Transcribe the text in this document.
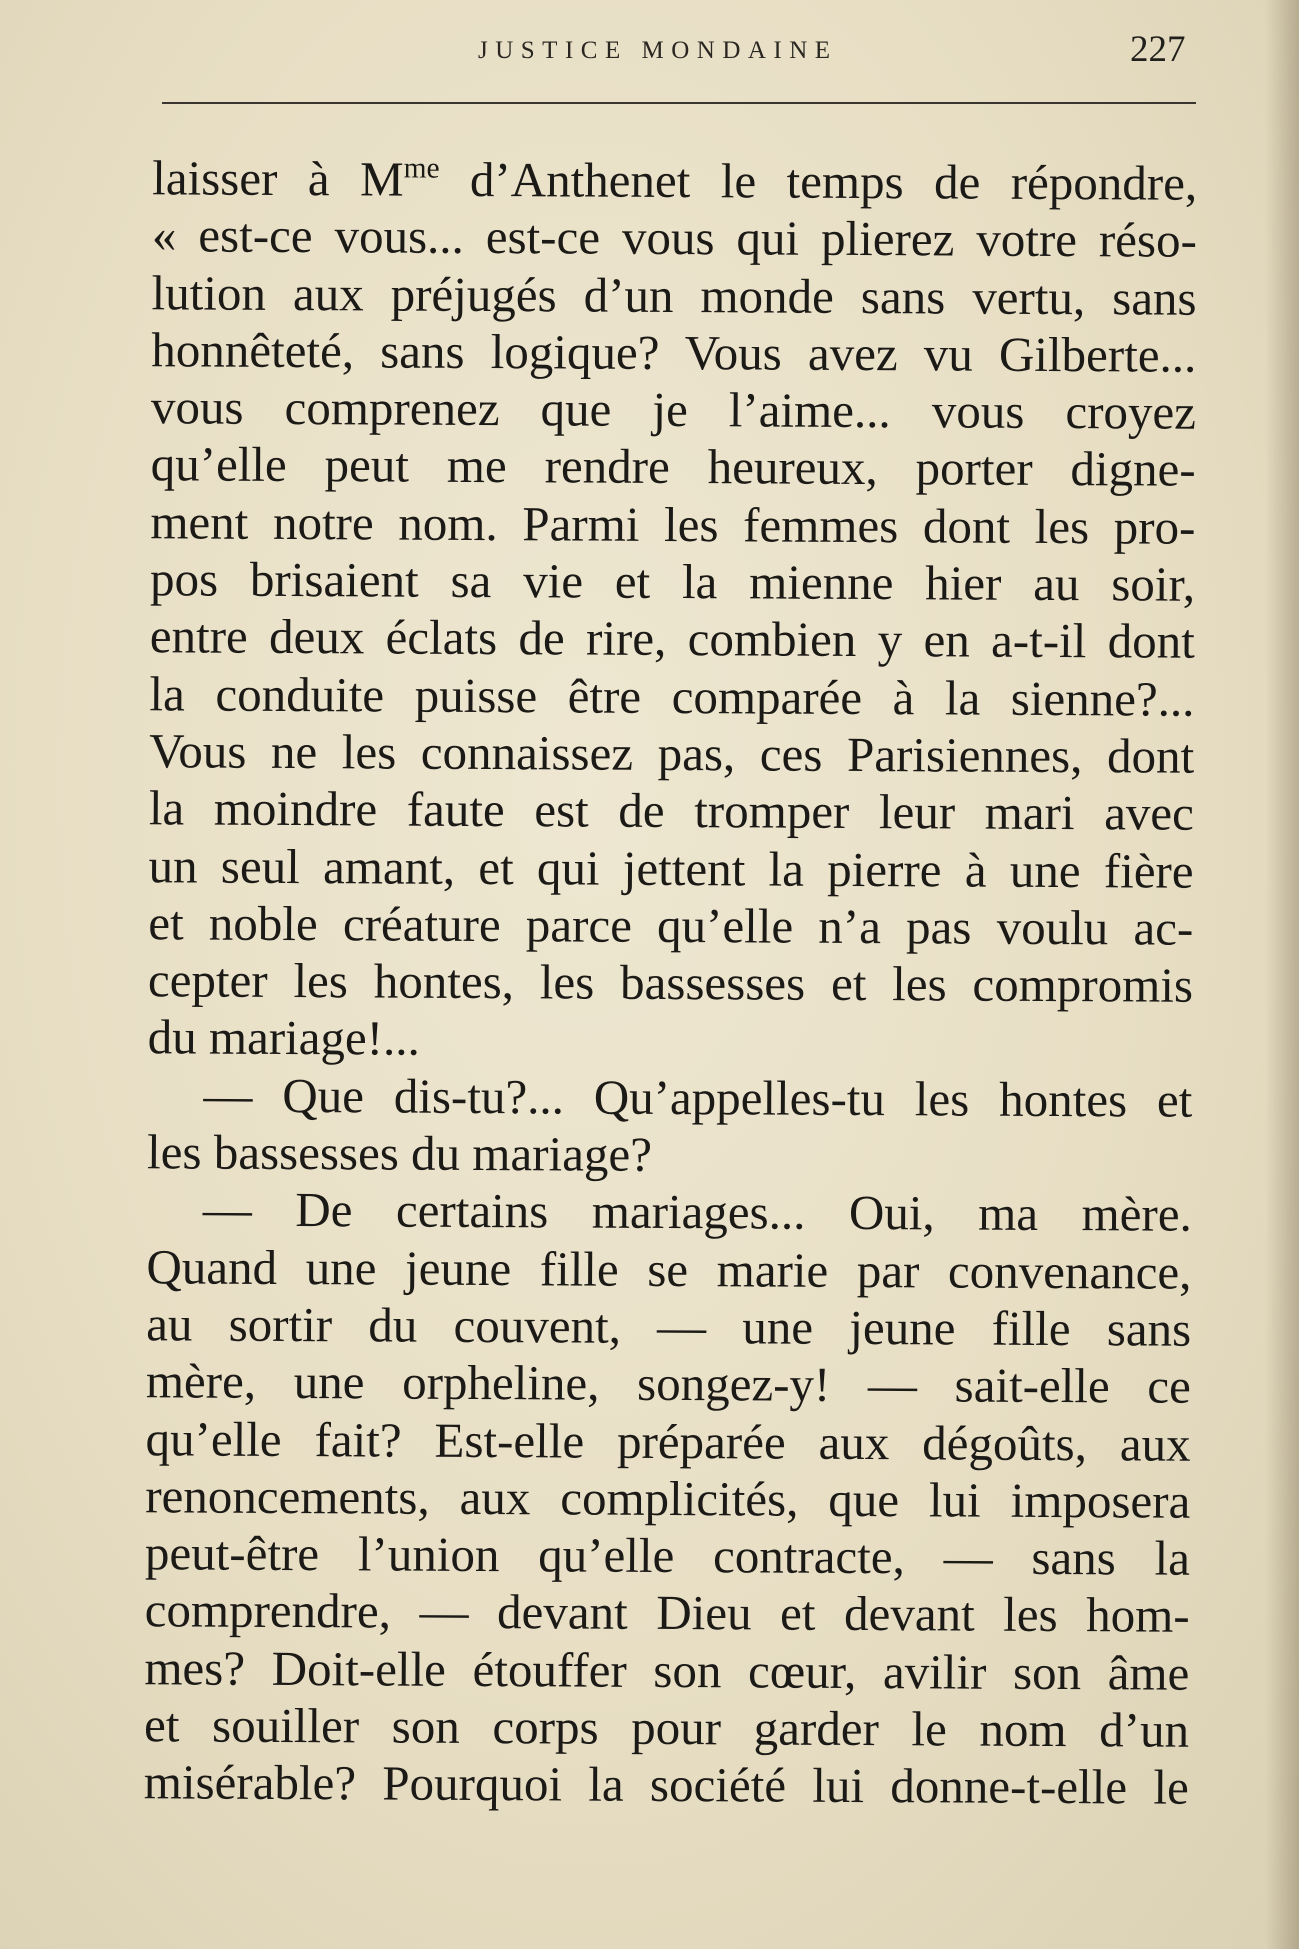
JUSTICE MONDAINE	227
laisser à $M^{me}$ d’Anthenet le temps de répondre,
« est-ce vous... est-ce vous qui plierez votre réso-
lution aux préjugés d’un monde sans vertu, sans
honnêteté, sans logique? Vous avez vu Gilberte...
vous comprenez que je l’aime... vous croyez
qu’elle peut me rendre heureux, porter digne-
ment notre nom. Parmi les femmes dont les pro-
pos brisaient sa vie et la mienne hier au soir,
entre deux éclats de rire, combien y en a-t-il dont
la conduite puisse être comparée à la sienne?...
Vous ne les connaissez pas, ces Parisiennes, dont
la moindre faute est de tromper leur mari avec
un seul amant, et qui jettent la pierre à une fière
et noble créature parce qu’elle n’a pas voulu ac-
cepter les hontes, les bassesses et les compromis
du mariage!...
— Que dis-tu?... Qu’appelles-tu les hontes et
les bassesses du mariage?
— De certains mariages... Oui, ma mère.
Quand une jeune fille se marie par convenance,
au sortir du couvent, — une jeune fille sans
mère, une orpheline, songez-y! — sait-elle ce
qu’elle fait? Est-elle préparée aux dégoûts, aux
renoncements, aux complicités, que lui imposera
peut-être l’union qu’elle contracte, — sans la
comprendre, — devant Dieu et devant les hom-
mes? Doit-elle étouffer son cœur, avilir son âme
et souiller son corps pour garder le nom d’un
misérable? Pourquoi la société lui donne-t-elle le
